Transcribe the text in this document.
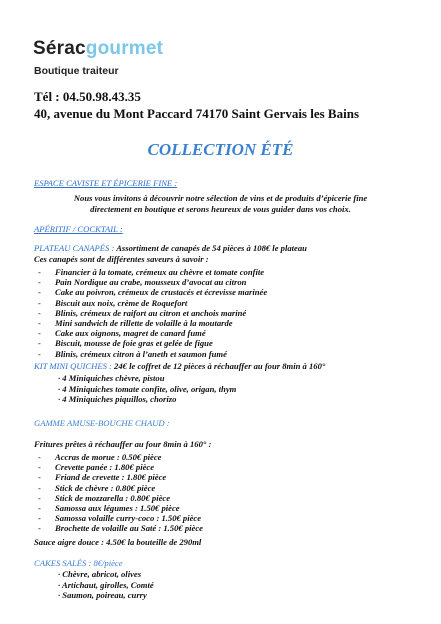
Séracgourmet
Boutique traiteur
Tél : 04.50.98.43.35
40, avenue du Mont Paccard 74170 Saint Gervais les Bains
COLLECTION ÉTÉ
ESPACE CAVISTE ET ÉPICERIE FINE :
Nous vous invitons à découvrir notre sélection de vins et de produits d’épicerie fine
directement en boutique et serons heureux de vous guider dans vos choix.
APÉRITIF / COCKTAIL :
PLATEAU CANAPÉS : Assortiment de canapés de 54 pièces à 108€ le plateau
Ces canapés sont de différentes saveurs à savoir :
- Financier à la tomate, crémeux au chèvre et tomate confite
- Pain Nordique au crabe, mousseux d’avocat au citron
- Cake au poivron, crémeux de crustacés et écrevisse marinée
- Biscuit aux noix, crème de Roquefort
- Blinis, crémeux de raifort au citron et anchois mariné
- Mini sandwich de rillette de volaille à la moutarde
- Cake aux oignons, magret de canard fumé
- Biscuit, mousse de foie gras et gelée de figue
- Blinis, crémeux citron à l’aneth et saumon fumé
KIT MINI QUICHES : 24€ le coffret de 12 pièces à réchauffer au four 8min à 160°
· 4 Miniquiches chèvre, pistou
· 4 Miniquiches tomate confite, olive, origan, thym
· 4 Miniquiches piquillos, chorizo
GAMME AMUSE-BOUCHE CHAUD :
Fritures prêtes à réchauffer au four 8min à 160° :
- Accras de morue : 0.50€ pièce
- Crevette panée : 1.80€ pièce
- Friand de crevette : 1.80€ pièce
- Stick de chèvre : 0.80€ pièce
- Stick de mozzarella : 0.80€ pièce
- Samossa aux légumes : 1.50€ pièce
- Samossa volaille curry-coco : 1.50€ pièce
- Brochette de volaille au Saté : 1.50€ pièce
Sauce aigre douce : 4.50€ la bouteille de 290ml
CAKES SALÉS : 8€/pièce
· Chèvre, abricot, olives
· Artichaut, girolles, Comté
· Saumon, poireau, curry
